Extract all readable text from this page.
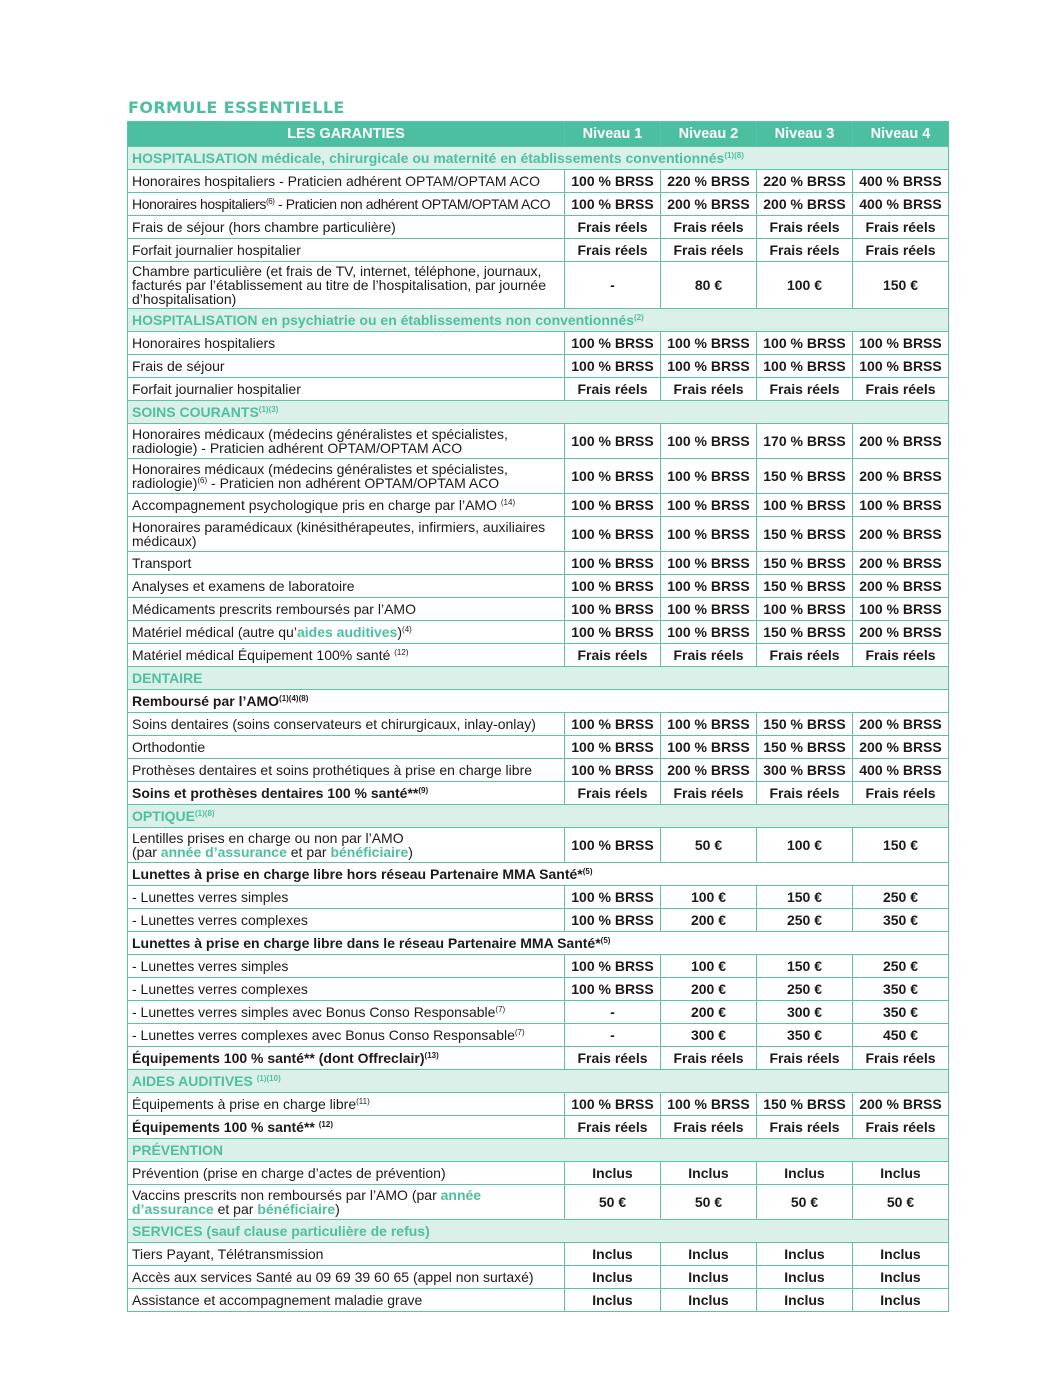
FORMULE ESSENTIELLE
LES GARANTIES	Niveau 1	Niveau 2	Niveau 3	Niveau 4
HOSPITALISATION médicale, chirurgicale ou maternité en établissements conventionnés$^{(1)(8)}$
Honoraires hospitaliers - Praticien adhérent OPTAM/OPTAM ACO	100 % BRSS	220 % BRSS	220 % BRSS	400 % BRSS
Honoraires hospitaliers$^{(6)}$ - Praticien non adhérent OPTAM/OPTAM ACO	100 % BRSS	200 % BRSS	200 % BRSS	400 % BRSS
Frais de séjour (hors chambre particulière)	Frais réels	Frais réels	Frais réels	Frais réels
Forfait journalier hospitalier	Frais réels	Frais réels	Frais réels	Frais réels
Chambre particulière (et frais de TV, internet, téléphone, journaux, facturés par l’établissement au titre de l’hospitalisation, par journée d’hospitalisation)	-	80 €	100 €	150 €
HOSPITALISATION en psychiatrie ou en établissements non conventionnés$^{(2)}$
Honoraires hospitaliers	100 % BRSS	100 % BRSS	100 % BRSS	100 % BRSS
Frais de séjour	100 % BRSS	100 % BRSS	100 % BRSS	100 % BRSS
Forfait journalier hospitalier	Frais réels	Frais réels	Frais réels	Frais réels
SOINS $COURANTS^{(1)(3)}$
Honoraires médicaux (médecins généralistes et spécialistes, radiologie) - Praticien adhérent OPTAM/OPTAM ACO	100 % BRSS	100 % BRSS	170 % BRSS	200 % BRSS
Honoraires médicaux (médecins généralistes et spécialistes, radiologie)$^{(6)}$ - Praticien non adhérent OPTAM/OPTAM ACO	100 % BRSS	100 % BRSS	150 % BRSS	200 % BRSS
Accompagnement psychologique pris en charge par l’AMO $^{(14)}$	100 % BRSS	100 % BRSS	100 % BRSS	100 % BRSS
Honoraires paramédicaux (kinésithérapeutes, infirmiers, auxiliaires médicaux)	100 % BRSS	100 % BRSS	150 % BRSS	200 % BRSS
Transport	100 % BRSS	100 % BRSS	150 % BRSS	200 % BRSS
Analyses et examens de laboratoire	100 % BRSS	100 % BRSS	150 % BRSS	200 % BRSS
Médicaments prescrits remboursés par l’AMO	100 % BRSS	100 % BRSS	100 % BRSS	100 % BRSS
Matériel médical (autre qu’aides auditives)$^{(4)}$	100 % BRSS	100 % BRSS	150 % BRSS	200 % BRSS
Matériel médical Équipement 100% santé $^{(12)}$	Frais réels	Frais réels	Frais réels	Frais réels
DENTAIRE				
Remboursé par $l’AMO^{(1)(4)(8)}$
Soins dentaires (soins conservateurs et chirurgicaux, inlay-onlay)	100 % BRSS	100 % BRSS	150 % BRSS	200 % BRSS
Orthodontie	100 % BRSS	100 % BRSS	150 % BRSS	200 % BRSS
Prothèses dentaires et soins prothétiques à prise en charge libre	100 % BRSS	200 % BRSS	300 % BRSS	400 % BRSS
Soins et prothèses dentaires 100 % santé**$^{(9)}$	Frais réels	Frais réels	Frais réels	Frais réels
$OPTIQUE^{(1)(8)}$
Lentilles prises en charge ou non par l’AMO
(par année d’assurance et par bénéficiaire)	100 % BRSS	50 €	100 €	150 €
Lunettes à prise en charge libre hors réseau Partenaire MMA Santé*$^{(5)}$
- Lunettes verres simples	100 % BRSS	100 €	150 €	250 €
- Lunettes verres complexes	100 % BRSS	200 €	250 €	350 €
Lunettes à prise en charge libre dans le réseau Partenaire MMA Santé*$^{(5)}$
- Lunettes verres simples	100 % BRSS	100 €	150 €	250 €
- Lunettes verres complexes	100 % BRSS	200 €	250 €	350 €
- Lunettes verres simples avec Bonus Conso Responsable$^{(7)}$	-	200 €	300 €	350 €
- Lunettes verres complexes avec Bonus Conso Responsable$^{(7)}$	-	300 €	350 €	450 €
Équipements 100 % santé** (dont Offreclair)$^{(13)}$	Frais réels	Frais réels	Frais réels	Frais réels
AIDES AUDITIVES $^{(1)(10)}$
Équipements à prise en charge libre$^{(11)}$	100 % BRSS	100 % BRSS	150 % BRSS	200 % BRSS
Équipements 100 % santé** $^{(12)}$	Frais réels	Frais réels	Frais réels	Frais réels
PRÉVENTION				
Prévention (prise en charge d’actes de prévention)	Inclus	Inclus	Inclus	Inclus
Vaccins prescrits non remboursés par l’AMO (par année d’assurance et par bénéficiaire)	50 €	50 €	50 €	50 €
SERVICES (sauf clause particulière de refus)				
Tiers Payant, Télétransmission	Inclus	Inclus	Inclus	Inclus
Accès aux services Santé au 09 69 39 60 65 (appel non surtaxé)	Inclus	Inclus	Inclus	Inclus
Assistance et accompagnement maladie grave	Inclus	Inclus	Inclus	Inclus
